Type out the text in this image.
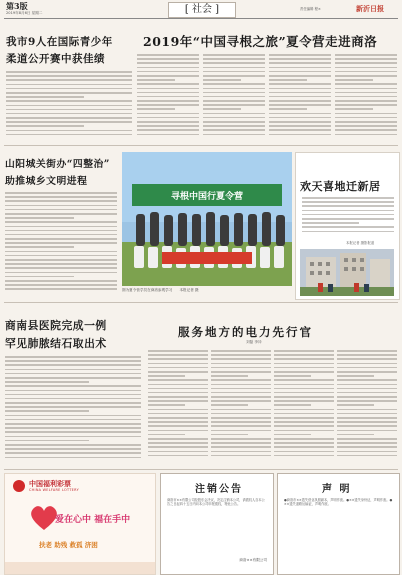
第3版
2019年8月6日 星期二	[ 社会 ]	责任编辑 程×	新沂日报
我市9人在国际青少年
柔道公开赛中获佳绩
2019年“中国寻根之旅”夏令营走进商洛
山阳城关街办“四整治”
助推城乡文明进程
寻根中国行夏令营
图为夏令营学员在商洛参观学习 本报记者 摄
欢天喜地迁新居
本报记者 摄影报道
商南县医院完成一例
罕见肺脓结石取出术
服务地方的电力先行官
刘磊 李冲
中国福利彩票
CHINA WELFARE LOTTERY
爱在心中 福在手中
扶老 助残 救孤 济困
注销公告
商洛市××有限公司经股东会决议，决定注销本公司，请债权人自本公告之日起四十五日内向本公司申报债权，特此公告。
商洛××有限公司
声 明
●商洛市××遗失营业执照副本，声明作废。●××遗失身份证，声明作废。●××遗失道路运输证，声明作废。
